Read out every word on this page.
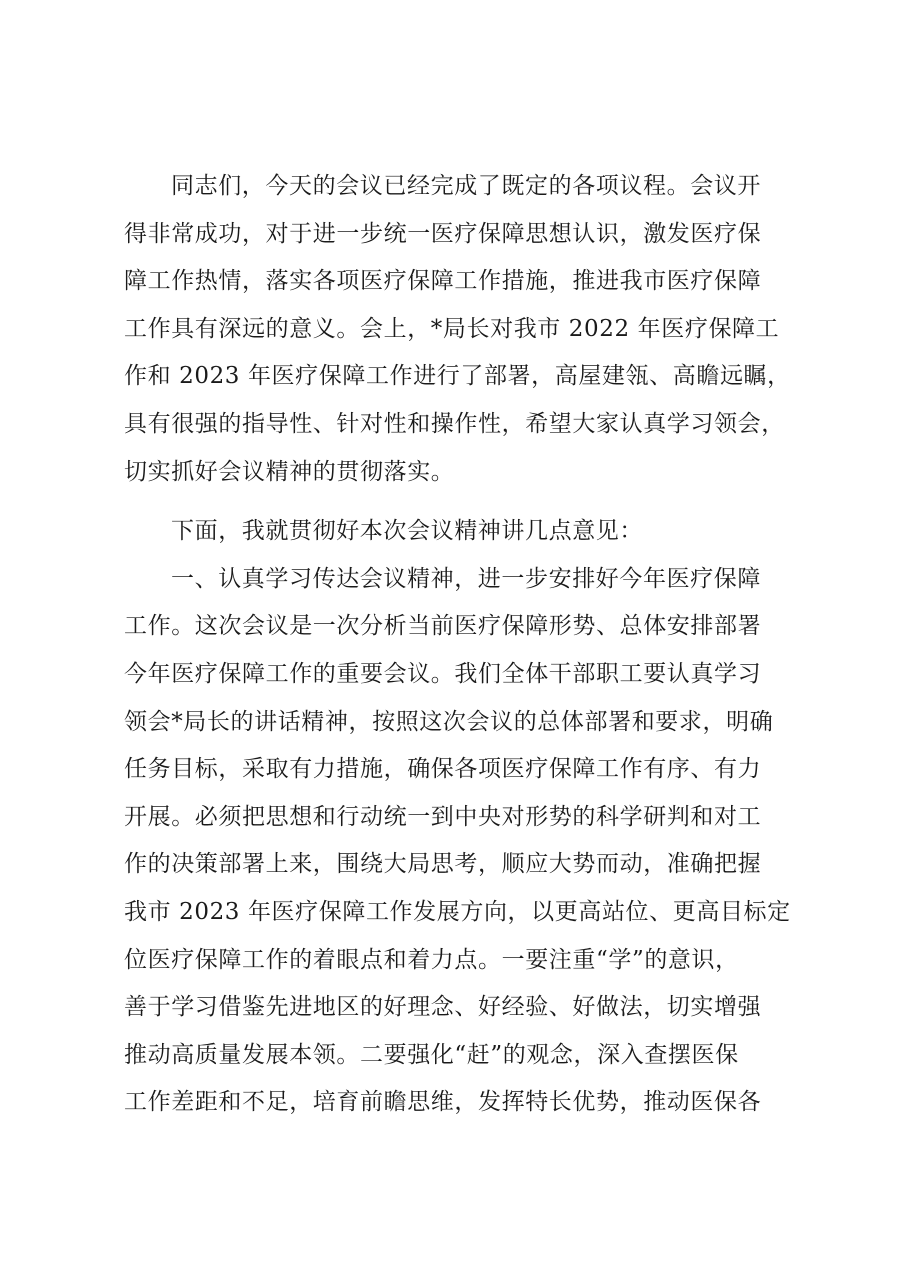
同志们，今天的会议已经完成了既定的各项议程。会议开
得非常成功，对于进一步统一医疗保障思想认识，激发医疗保
障工作热情，落实各项医疗保障工作措施，推进我市医疗保障
工作具有深远的意义。会上，*局长对我市 2022 年医疗保障工
作和 2023 年医疗保障工作进行了部署，高屋建瓴、高瞻远瞩，
具有很强的指导性、针对性和操作性，希望大家认真学习领会，
切实抓好会议精神的贯彻落实。

下面，我就贯彻好本次会议精神讲几点意见：

一、认真学习传达会议精神，进一步安排好今年医疗保障
工作。这次会议是一次分析当前医疗保障形势、总体安排部署
今年医疗保障工作的重要会议。我们全体干部职工要认真学习
领会*局长的讲话精神，按照这次会议的总体部署和要求，明确
任务目标，采取有力措施，确保各项医疗保障工作有序、有力
开展。必须把思想和行动统一到中央对形势的科学研判和对工
作的决策部署上来，围绕大局思考，顺应大势而动，准确把握
我市 2023 年医疗保障工作发展方向，以更高站位、更高目标定
位医疗保障工作的着眼点和着力点。一要注重“学”的意识，
善于学习借鉴先进地区的好理念、好经验、好做法，切实增强
推动高质量发展本领。二要强化“赶”的观念，深入查摆医保
工作差距和不足，培育前瞻思维，发挥特长优势，推动医保各
